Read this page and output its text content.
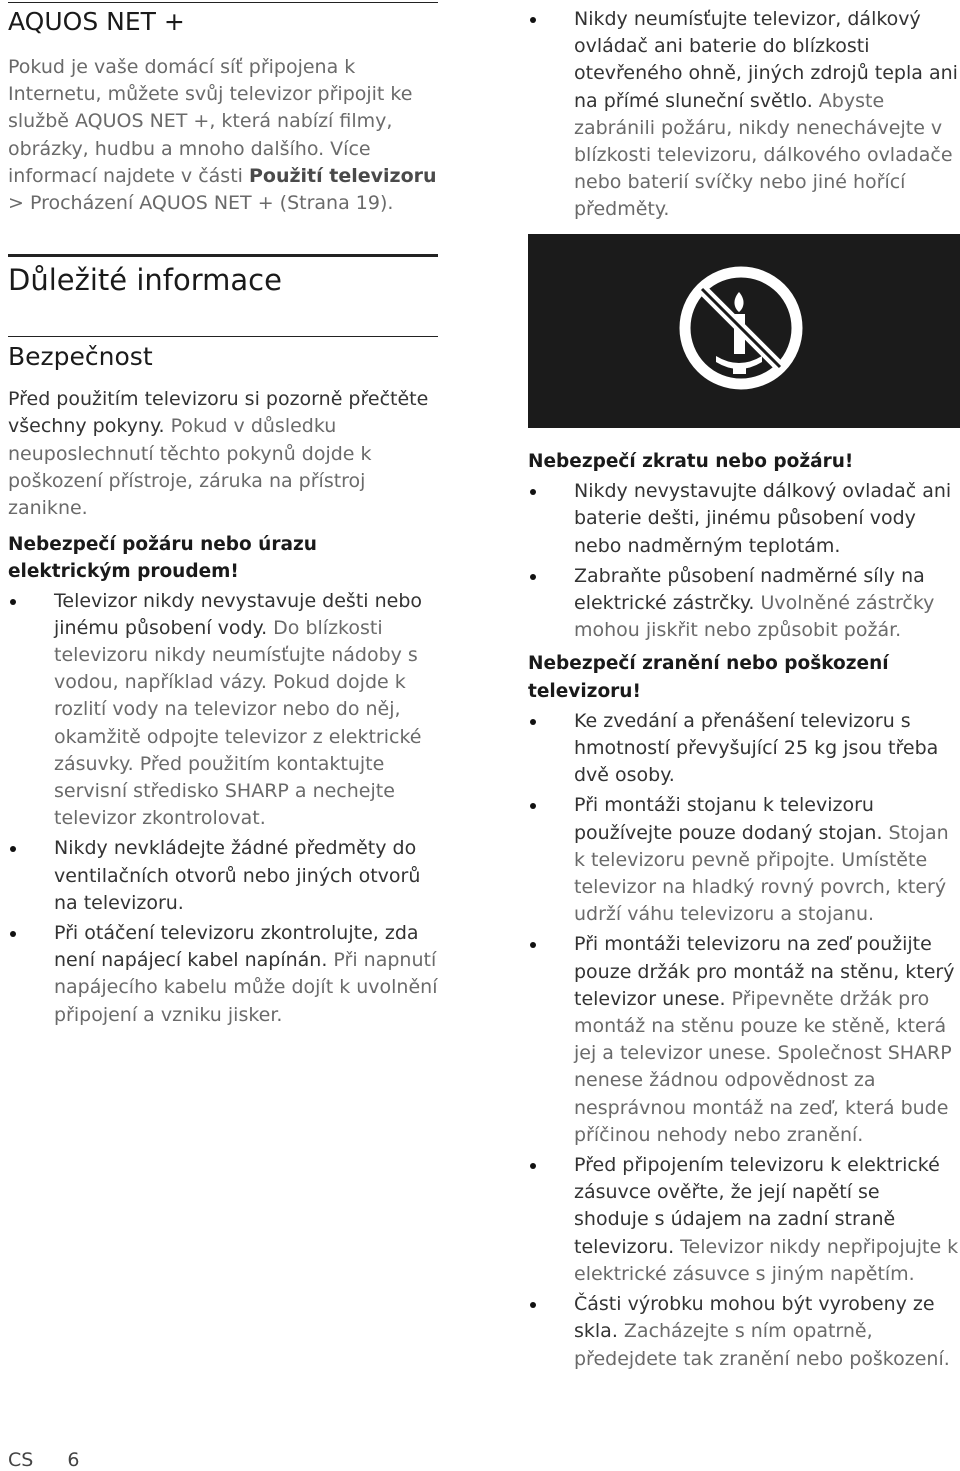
AQUOS NET +

Pokud je vaše domácí síť připojena k Internetu, můžete svůj televizor připojit ke službě AQUOS NET +, která nabízí filmy, obrázky, hudbu a mnoho dalšího. Více informací najdete v části Použití televizoru > Procházení AQUOS NET + (Strana 19).

Důležité informace
Bezpečnost

Před použitím televizoru si pozorně přečtěte všechny pokyny. Pokud v důsledku neuposlechnutí těchto pokynů dojde k poškození přístroje, záruka na přístroj zanikne.

Nebezpečí požáru nebo úrazu elektrickým proudem!

Televizor nikdy nevystavuje dešti nebo jinému působení vody. Do blízkosti televizoru nikdy neumísťujte nádoby s vodou, například vázy. Pokud dojde k rozlití vody na televizor nebo do něj, okamžitě odpojte televizor z elektrické zásuvky. Před použitím kontaktujte servisní středisko SHARP a nechejte televizor zkontrolovat.
Nikdy nevkládejte žádné předměty do ventilačních otvorů nebo jiných otvorů na televizoru.
Při otáčení televizoru zkontrolujte, zda není napájecí kabel napínán. Při napnutí napájecího kabelu může dojít k uvolnění připojení a vzniku jisker.
Nikdy neumísťujte televizor, dálkový ovládač ani baterie do blízkosti otevřeného ohně, jiných zdrojů tepla ani na přímé sluneční světlo. Abyste zabránili požáru, nikdy nenechávejte v blízkosti televizoru, dálkového ovladače nebo baterií svíčky nebo jiné hořící předměty.

Nebezpečí zkratu nebo požáru!

Nikdy nevystavujte dálkový ovladač ani baterie dešti, jinému působení vody nebo nadměrným teplotám.
Zabraňte působení nadměrné síly na elektrické zástrčky. Uvolněné zástrčky mohou jiskřit nebo způsobit požár.

Nebezpečí zranění nebo poškození televizoru!

Ke zvedání a přenášení televizoru s hmotností převyšující 25 kg jsou třeba dvě osoby.
Při montáži stojanu k televizoru používejte pouze dodaný stojan. Stojan k televizoru pevně připojte. Umístěte televizor na hladký rovný povrch, který udrží váhu televizoru a stojanu.
Při montáži televizoru na zeď použijte pouze držák pro montáž na stěnu, který televizor unese. Připevněte držák pro montáž na stěnu pouze ke stěně, která jej a televizor unese. Společnost SHARP nenese žádnou odpovědnost za nesprávnou montáž na zeď, která bude příčinou nehody nebo zranění.
Před připojením televizoru k elektrické zásuvce ověřte, že její napětí se shoduje s údajem na zadní straně televizoru. Televizor nikdy nepřipojujte k elektrické zásuvce s jiným napětím.
Části výrobku mohou být vyrobeny ze skla. Zacházejte s ním opatrně, předejdete tak zranění nebo poškození.
CS 6
